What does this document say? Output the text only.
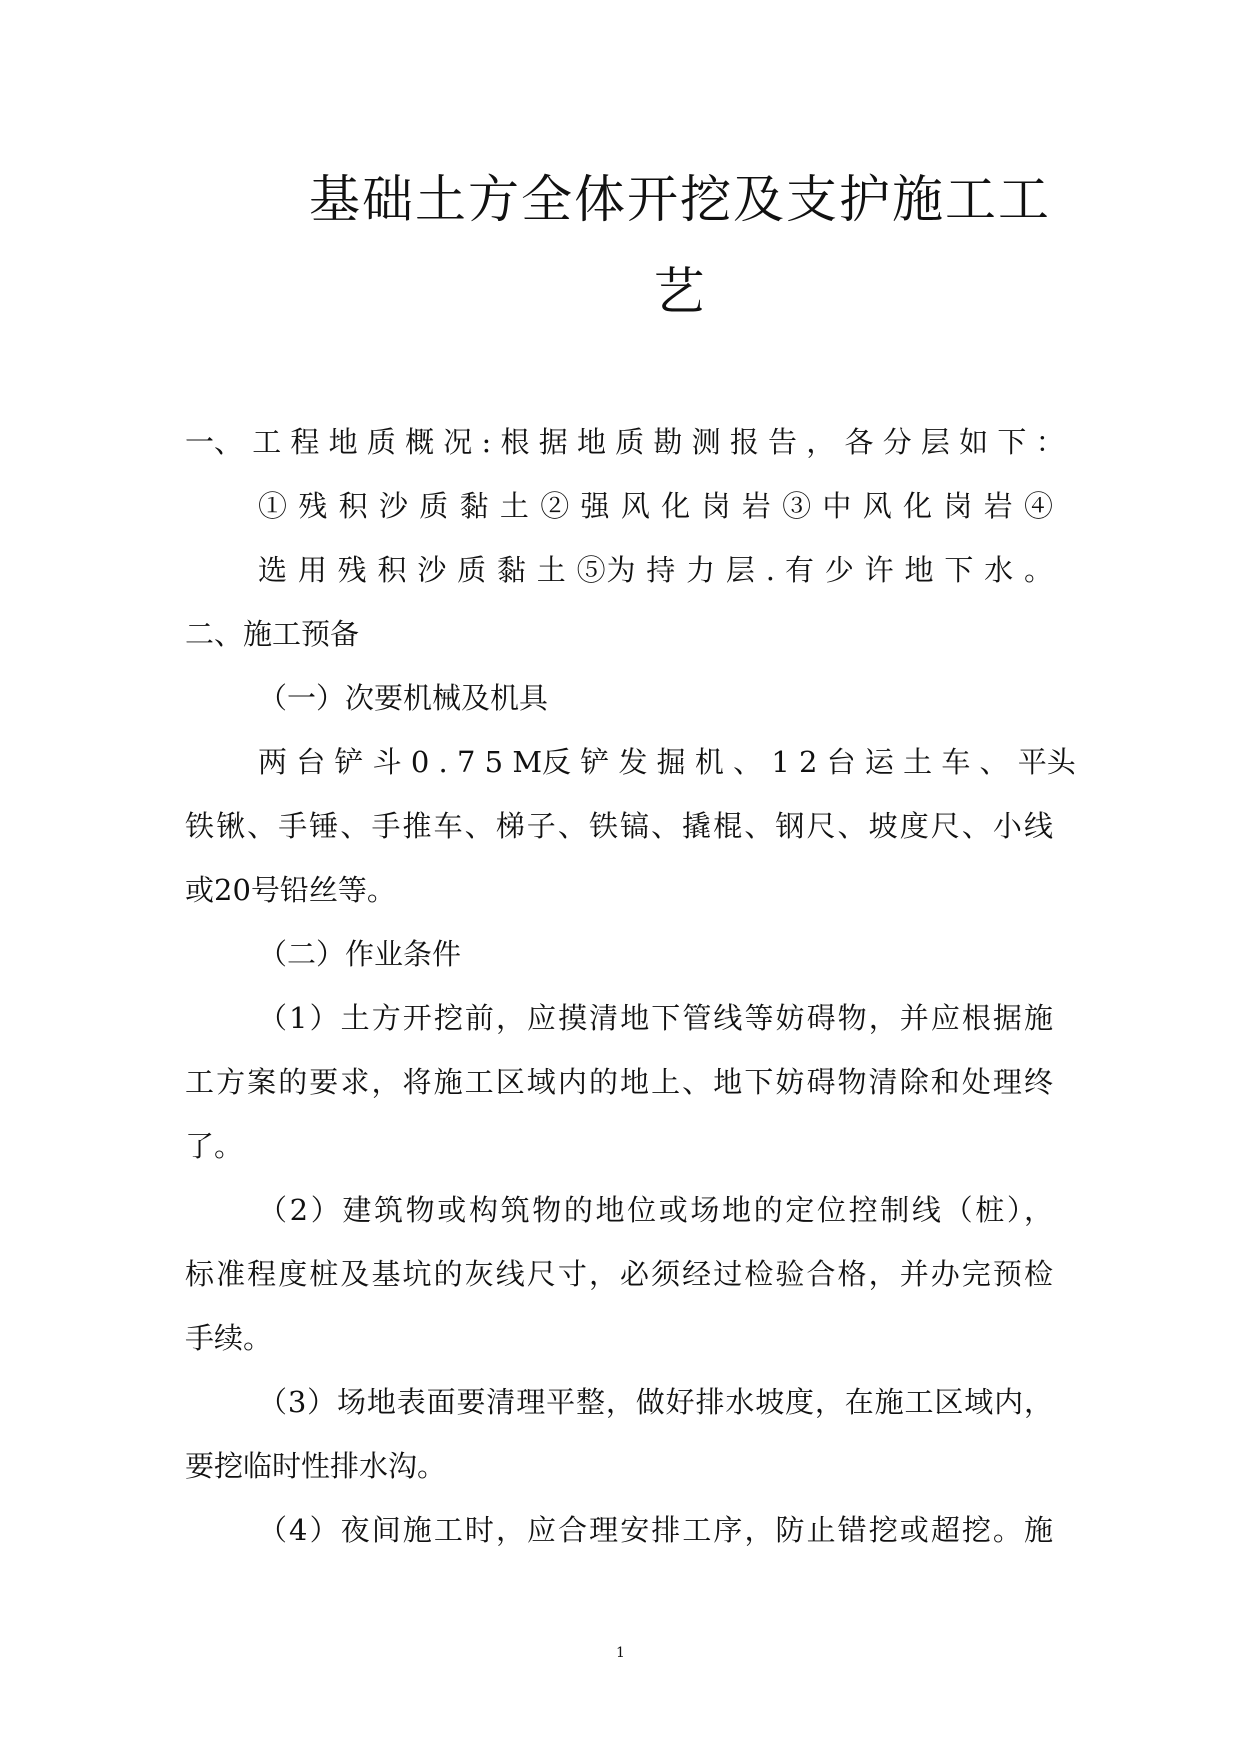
基础土方全体开挖及支护施工工
艺
一、 工 程 地 质 概 况 : 根 据 地 质 勘 测 报 告 ， 各 分 层 如 下 ：
① 残 积 沙 质 黏 土 ② 强 风 化 岗 岩 ③ 中 风 化 岗 岩 ④
选 用 残 积 沙 质 黏 土 ⑤为 持 力 层 . 有 少 许 地 下 水 。
二、施工预备
（一）次要机械及机具
两 台 铲 斗 0 . 7 5 M反 铲 发 掘 机 、 1 2 台 运 土 车 、 平头
铁锹、手锤、手推车、梯子、铁镐、撬棍、钢尺、坡度尺、小线
或20号铅丝等。
（二）作业条件
（1）土方开挖前，应摸清地下管线等妨碍物，并应根据施
工方案的要求，将施工区域内的地上、地下妨碍物清除和处理终
了。
（2）建筑物或构筑物的地位或场地的定位控制线（桩），
标准程度桩及基坑的灰线尺寸，必须经过检验合格，并办完预检
手续。
（3）场地表面要清理平整，做好排水坡度，在施工区域内，
要挖临时性排水沟。
（4）夜间施工时，应合理安排工序，防止错挖或超挖。施
1
